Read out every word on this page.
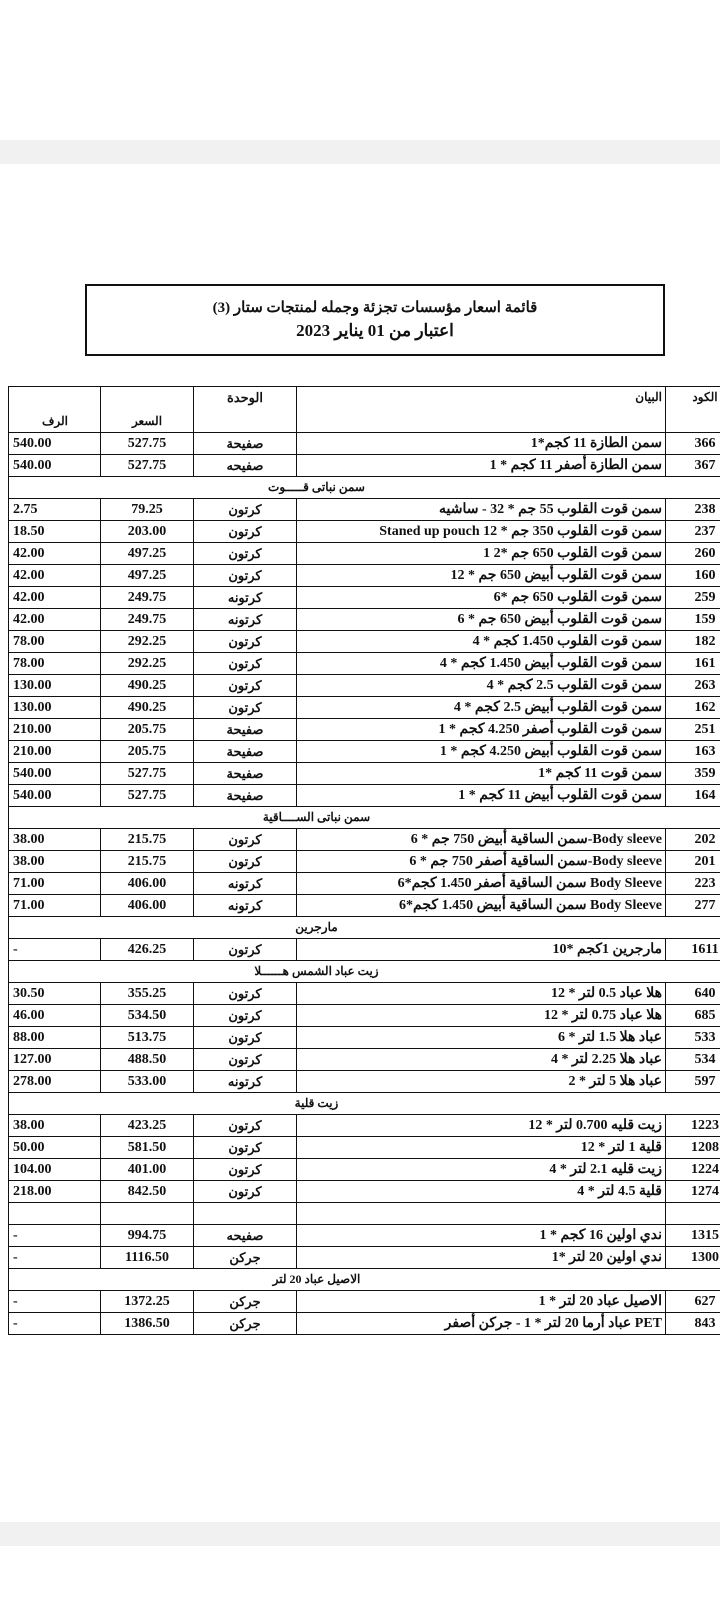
قائمة اسعار مؤسسات تجزئة وجمله لمنتجات ستار (3)
اعتبار من 01 يناير 2023
الكود	البيان	الوحدة	السعر	الرف

366	سمن الطازة 11 كجم*1	صفيحة	527.75	540.00
367	سمن الطازة أصفر 11 كجم * 1	صفيحه	527.75	540.00
سمن نباتى قـــــوت				
238	سمن قوت القلوب 55 جم * 32 - ساشيه	كرتون	79.25	2.75
237	سمن قوت القلوب 350 جم * 12 Staned up pouch	كرتون	203.00	18.50
260	سمن قوت القلوب 650 جم *2 1	كرتون	497.25	42.00
160	سمن قوت القلوب أبيض 650 جم * 12	كرتون	497.25	42.00
259	سمن قوت القلوب 650 جم *6	كرتونه	249.75	42.00
159	سمن قوت القلوب أبيض 650 جم * 6	كرتونه	249.75	42.00
182	سمن قوت القلوب 1.450 كجم * 4	كرتون	292.25	78.00
161	سمن قوت القلوب أبيض 1.450 كجم * 4	كرتون	292.25	78.00
263	سمن قوت القلوب 2.5 كجم * 4	كرتون	490.25	130.00
162	سمن قوت القلوب أبيض 2.5 كجم * 4	كرتون	490.25	130.00
251	سمن قوت القلوب أصفر 4.250 كجم * 1	صفيحة	205.75	210.00
163	سمن قوت القلوب أبيض 4.250 كجم * 1	صفيحة	205.75	210.00
359	سمن قوت 11 كجم *1	صفيحة	527.75	540.00
164	سمن قوت القلوب أبيض 11 كجم * 1	صفيحة	527.75	540.00
سمن نباتى الســــاقية				
202	Body sleeve-سمن الساقية أبيض 750 جم * 6	كرتون	215.75	38.00
201	Body sleeve-سمن الساقية أصفر 750 جم * 6	كرتون	215.75	38.00
223	Body Sleeve سمن الساقية أصفر 1.450 كجم*6	كرتونه	406.00	71.00
277	Body Sleeve سمن الساقية أبيض 1.450 كجم*6	كرتونه	406.00	71.00
مارجرين				
1611	مارجرين 1كجم *10	كرتون	426.25	-
زيت عباد الشمس هــــــلا				
640	هلا عباد 0.5 لتر * 12	كرتون	355.25	30.50
685	هلا عباد 0.75 لتر * 12	كرتون	534.50	46.00
533	عباد هلا 1.5 لتر * 6	كرتون	513.75	88.00
534	عباد هلا 2.25 لتر * 4	كرتون	488.50	127.00
597	عباد هلا 5 لتر * 2	كرتونه	533.00	278.00
زيت قلية				
1223	زيت قليه 0.700 لتر * 12	كرتون	423.25	38.00
1208	قلية 1 لتر * 12	كرتون	581.50	50.00
1224	زيت قليه 2.1 لتر * 4	كرتون	401.00	104.00
1274	قلية 4.5 لتر * 4	كرتون	842.50	218.00

1315	ندي اولين 16 كجم * 1	صفيحه	994.75	-
1300	ندي اولين 20 لتر *1	جركن	1116.50	-
الاصيل عباد 20 لتر				
627	الاصيل عباد 20 لتر * 1	جركن	1372.25	-
843	PET عباد أرما 20 لتر * 1 - جركن أصفر	جركن	1386.50	-
